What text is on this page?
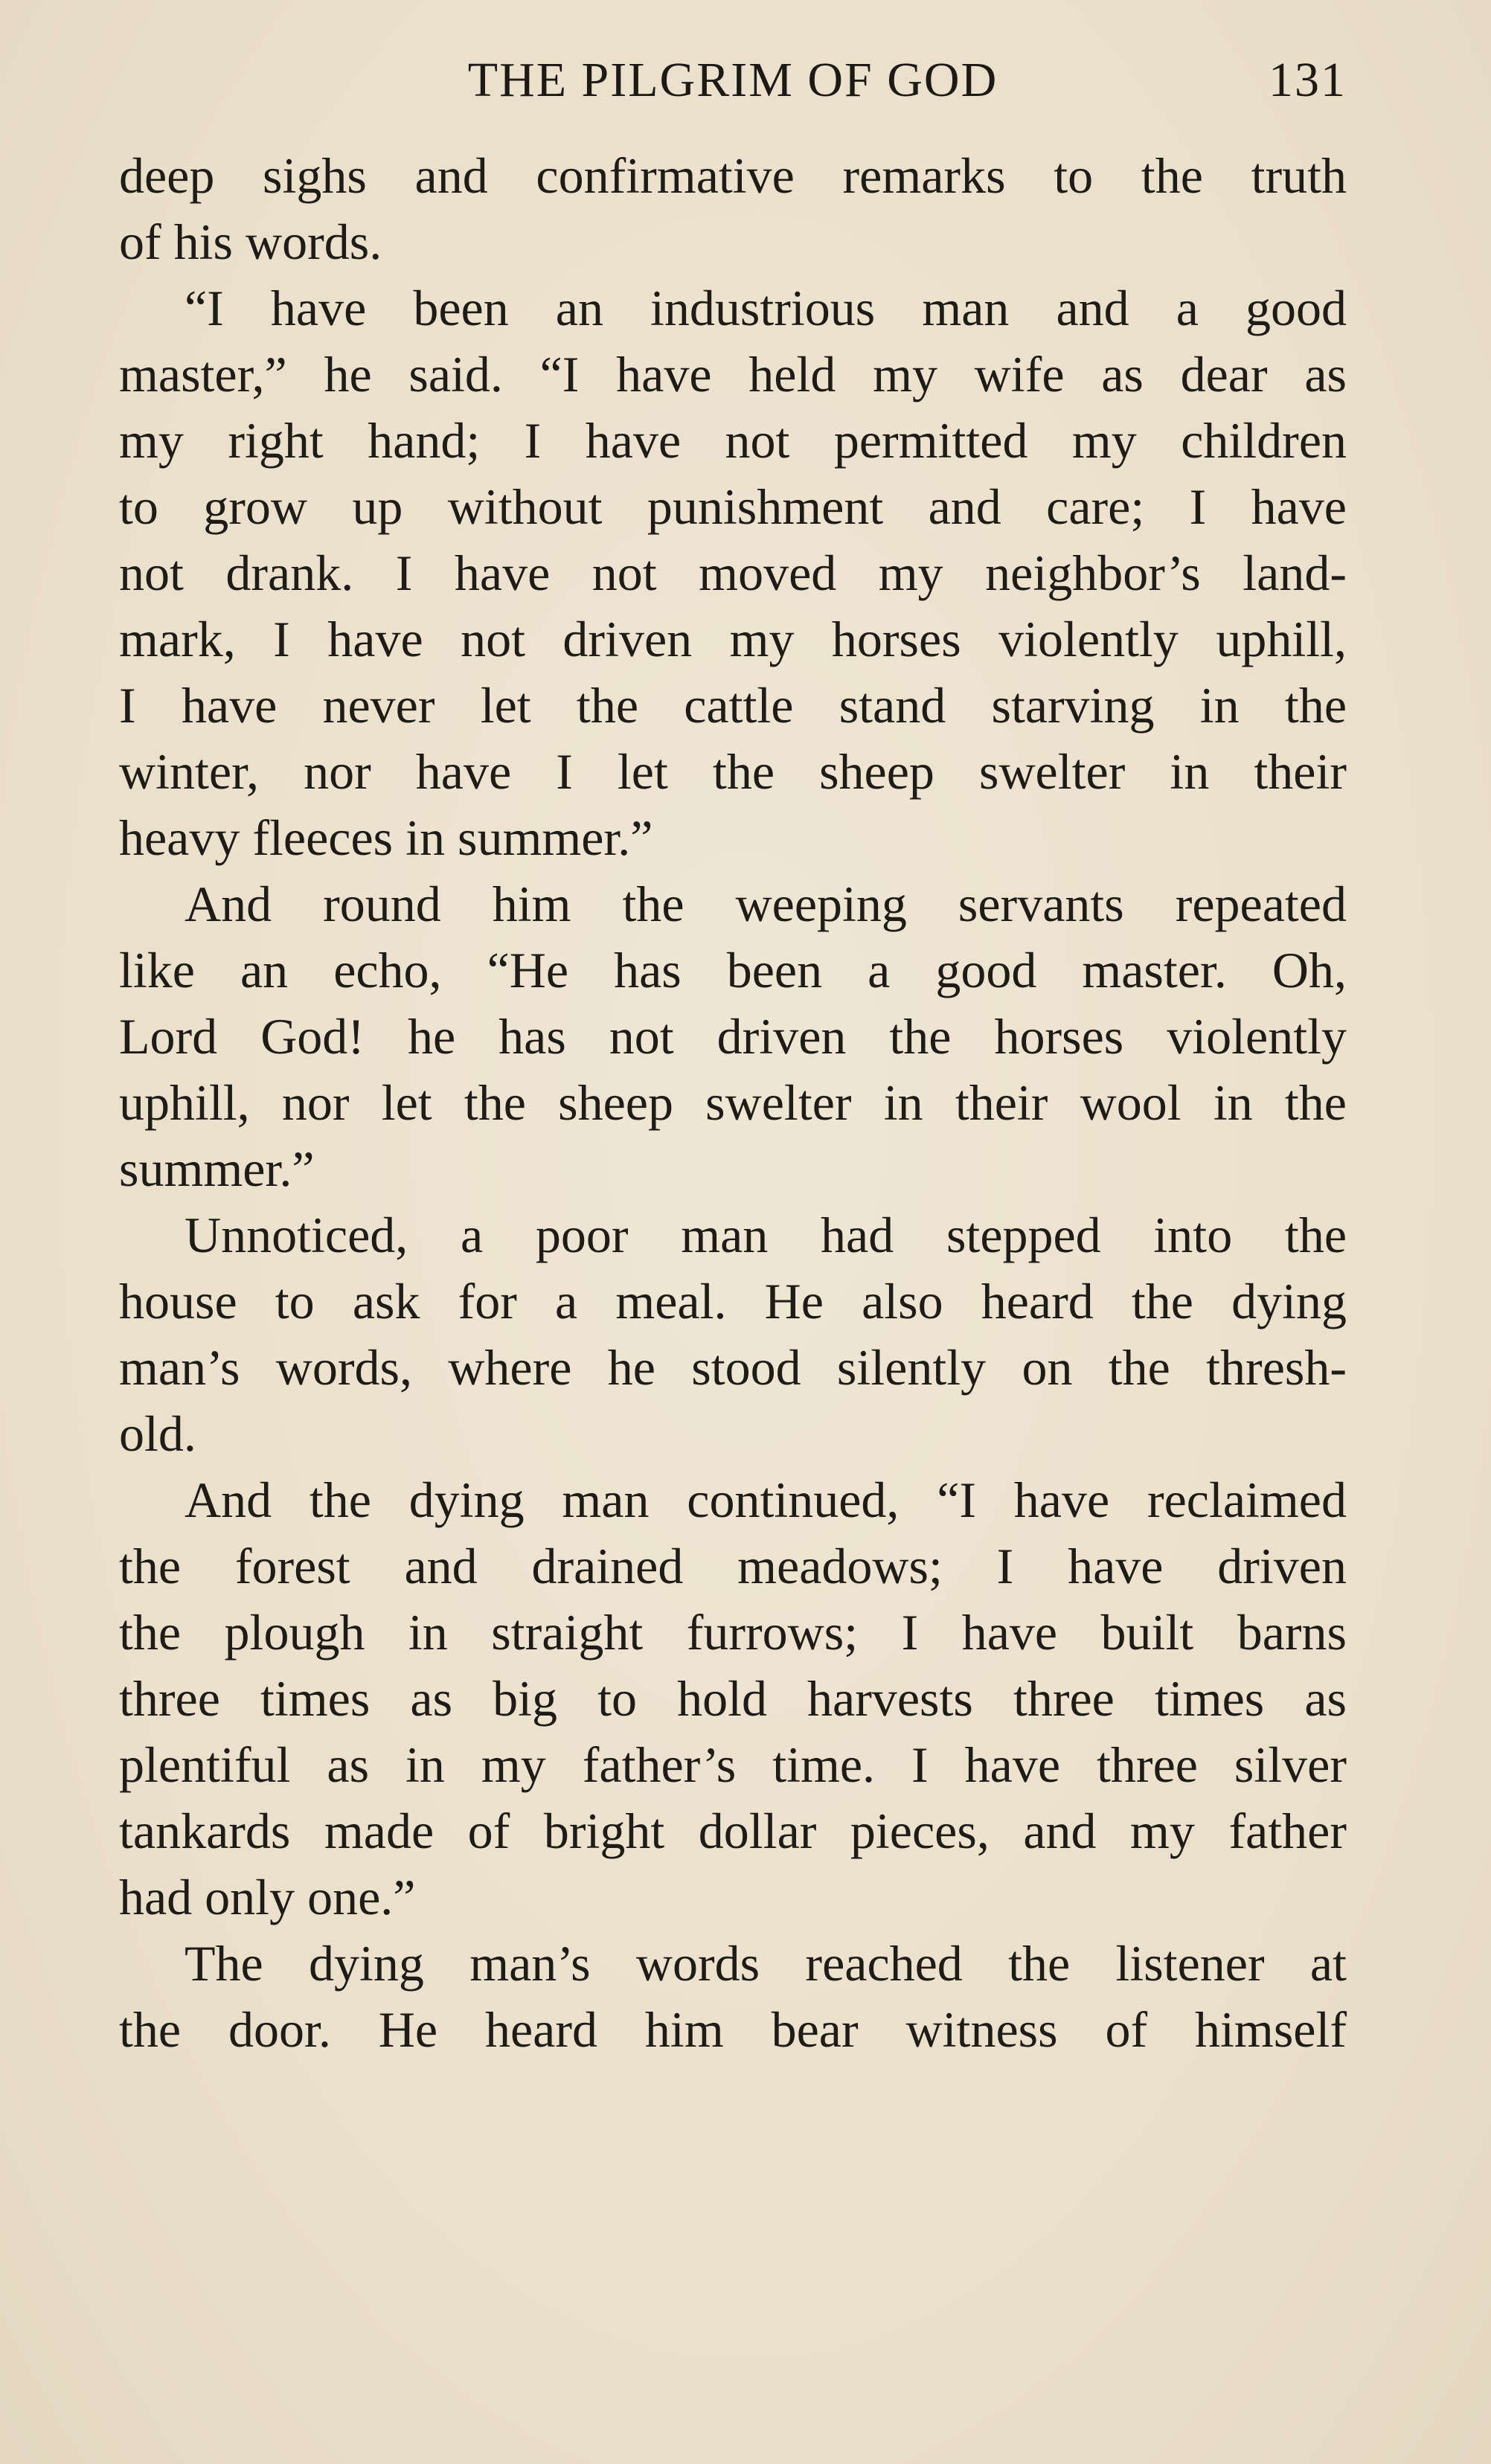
THE PILGRIM OF GOD	131
deep sighs and confirmative remarks to the truth
of his words.
“I have been an industrious man and a good
master,” he said. “I have held my wife as dear as
my right hand; I have not permitted my children
to grow up without punishment and care; I have
not drank. I have not moved my neighbor’s land-
mark, I have not driven my horses violently uphill,
I have never let the cattle stand starving in the
winter, nor have I let the sheep swelter in their
heavy fleeces in summer.”
And round him the weeping servants repeated
like an echo, “He has been a good master. Oh,
Lord God! he has not driven the horses violently
uphill, nor let the sheep swelter in their wool in the
summer.”
Unnoticed, a poor man had stepped into the
house to ask for a meal. He also heard the dying
man’s words, where he stood silently on the thresh-
old.
And the dying man continued, “I have reclaimed
the forest and drained meadows; I have driven
the plough in straight furrows; I have built barns
three times as big to hold harvests three times as
plentiful as in my father’s time. I have three silver
tankards made of bright dollar pieces, and my father
had only one.”
The dying man’s words reached the listener at
the door. He heard him bear witness of himself
